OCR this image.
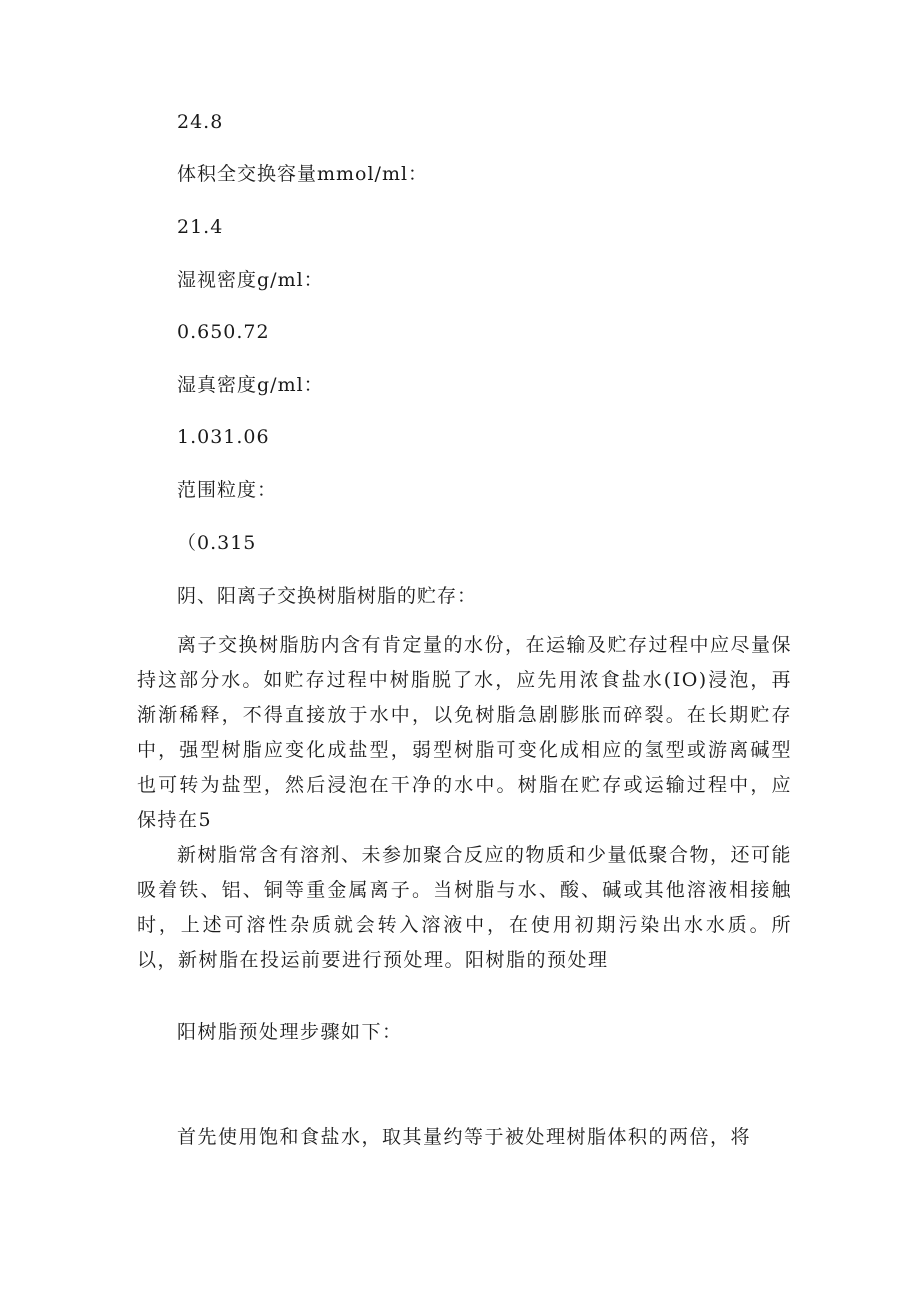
24.8

体积全交换容量mmol/ml：

21.4

湿视密度g/ml：

0.650.72

湿真密度g/ml：

1.031.06

范围粒度：

（0.315

阴、阳离子交换树脂树脂的贮存：

离子交换树脂肪内含有肯定量的水份，在运输及贮存过程中应尽量保持这部分水。如贮存过程中树脂脱了水，应先用浓食盐水(IO)浸泡，再渐渐稀释，不得直接放于水中，以免树脂急剧膨胀而碎裂。在长期贮存中，强型树脂应变化成盐型，弱型树脂可变化成相应的氢型或游离碱型也可转为盐型，然后浸泡在干净的水中。树脂在贮存或运输过程中，应保持在5

新树脂常含有溶剂、未参加聚合反应的物质和少量低聚合物，还可能吸着铁、铝、铜等重金属离子。当树脂与水、酸、碱或其他溶液相接触时，上述可溶性杂质就会转入溶液中，在使用初期污染出水水质。所以，新树脂在投运前要进行预处理。阳树脂的预处理

阳树脂预处理步骤如下：

首先使用饱和食盐水，取其量约等于被处理树脂体积的两倍，将
